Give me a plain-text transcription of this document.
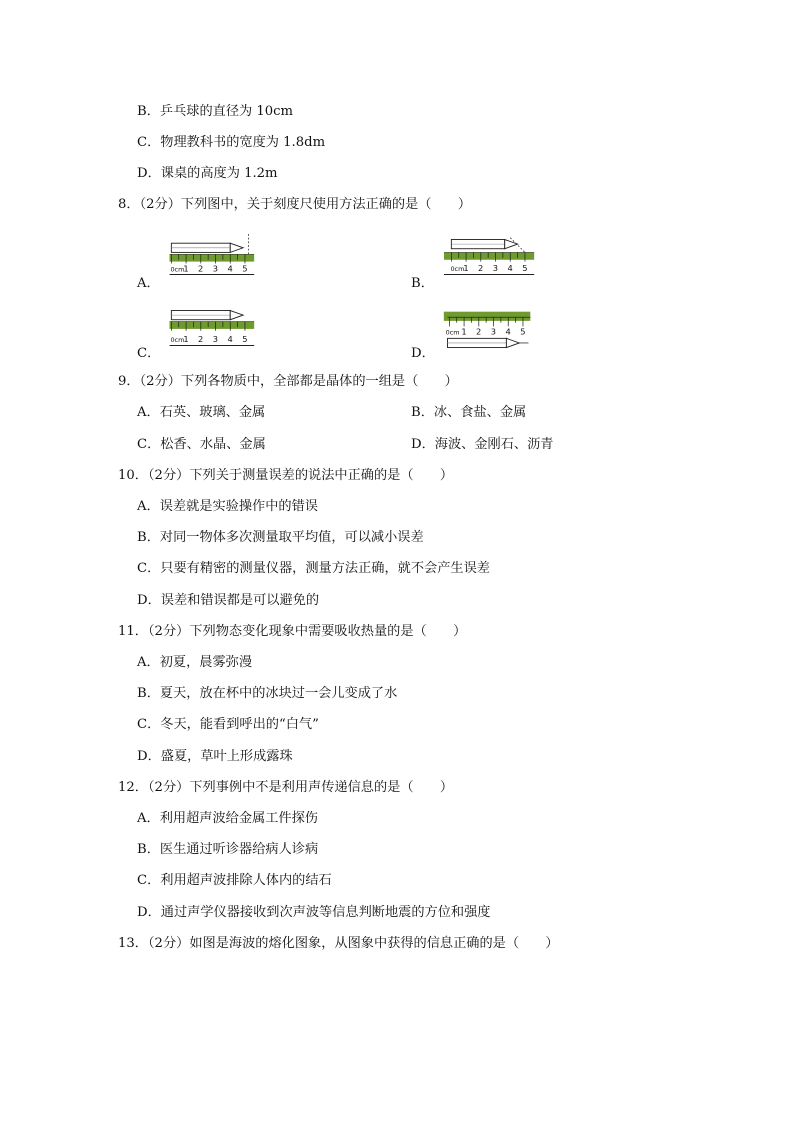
B．乒乓球的直径为 10cm
C．物理教科书的宽度为 1.8dm
D．课桌的高度为 1.2m
8．（2分）下列图中，关于刻度尺使用方法正确的是（　　）
A．
0cm
1 2 3 4 5
B．
0cm
1 2 3 4 5
C．
0cm
1 2 3 4 5
D．
0cm 1 2 3 4 5
9．（2分）下列各物质中，全部都是晶体的一组是（　　）
A．石英、玻璃、金属	B．冰、食盐、金属
C．松香、水晶、金属	D．海波、金刚石、沥青
10．（2分）下列关于测量误差的说法中正确的是（　　）
A．误差就是实验操作中的错误
B．对同一物体多次测量取平均值，可以减小误差
C．只要有精密的测量仪器，测量方法正确，就不会产生误差
D．误差和错误都是可以避免的
11．（2分）下列物态变化现象中需要吸收热量的是（　　）
A．初夏，晨雾弥漫
B．夏天，放在杯中的冰块过一会儿变成了水
C．冬天，能看到呼出的“白气”
D．盛夏，草叶上形成露珠
12．（2分）下列事例中不是利用声传递信息的是（　　）
A．利用超声波给金属工件探伤
B．医生通过听诊器给病人诊病
C．利用超声波排除人体内的结石
D．通过声学仪器接收到次声波等信息判断地震的方位和强度
13．（2分）如图是海波的熔化图象，从图象中获得的信息正确的是（　　）
